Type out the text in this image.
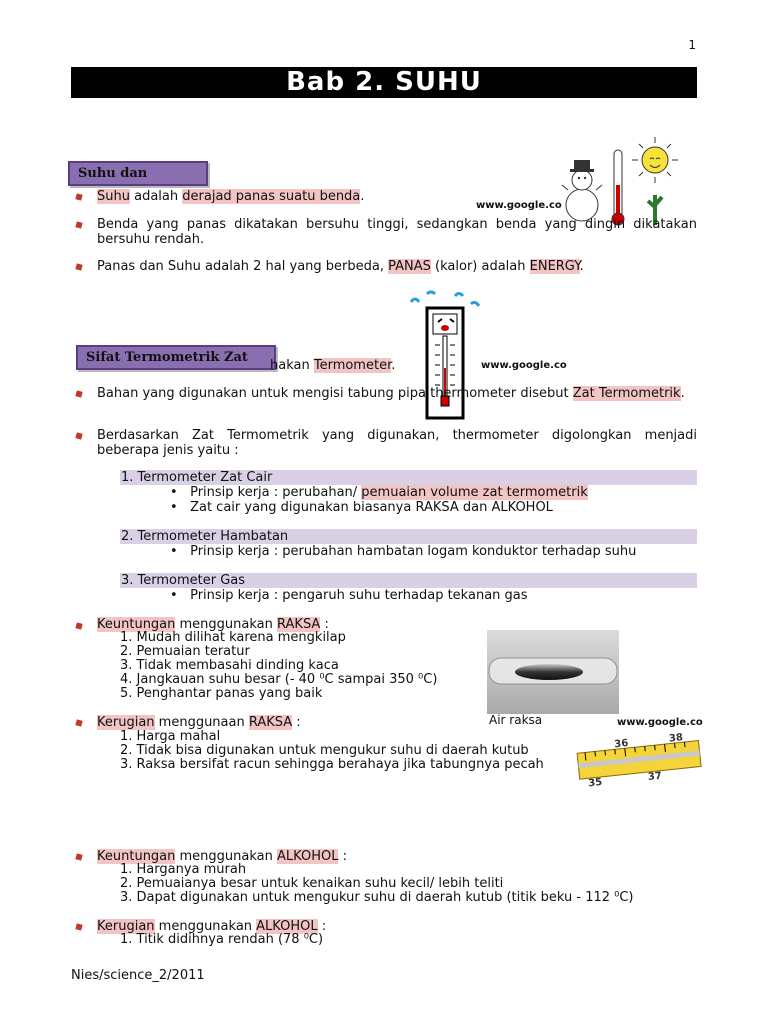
1
Bab 2. SUHU
Suhu dan
www.google.co
Suhu adalah derajad panas suatu benda.
Benda yang panas dikatakan bersuhu tinggi, sedangkan benda yang dingin dikatakan bersuhu rendah.
Panas dan Suhu adalah 2 hal yang berbeda, PANAS (kalor) adalah ENERGY.
www.google.co
Sifat Termometrik Zat
hakan Termometer.
Bahan yang digunakan untuk mengisi tabung pipa thermometer disebut Zat Termometrik.
Berdasarkan Zat Termometrik yang digunakan, thermometer digolongkan menjadi beberapa jenis yaitu :
1. Termometer Zat Cair
•   Prinsip kerja : perubahan/ pemuaian volume zat termometrik
•   Zat cair yang digunakan biasanya RAKSA dan ALKOHOL
2. Termometer Hambatan
•   Prinsip kerja : perubahan hambatan logam konduktor terhadap suhu
3. Termometer Gas
•   Prinsip kerja : pengaruh suhu terhadap tekanan gas
Keuntungan menggunakan RAKSA :
1. Mudah dilihat karena mengkilap
2. Pemuaian teratur
3. Tidak membasahi dinding kaca
4. Jangkauan suhu besar (- 40 ⁰C sampai 350 ⁰C)
5. Penghantar panas yang baik
Air raksa	www.google.co
Kerugian menggunaan RAKSA :
1. Harga mahal
2. Tidak bisa digunakan untuk mengukur suhu di daerah kutub
3. Raksa bersifat racun sehingga berahaya jika tabungnya pecah
36	38
35
37
Keuntungan menggunakan ALKOHOL :
1. Harganya murah
2. Pemuaianya besar untuk kenaikan suhu kecil/ lebih teliti
3. Dapat digunakan untuk mengukur suhu di daerah kutub (titik beku - 112 ⁰C)
Kerugian menggunakan ALKOHOL :
1. Titik didihnya rendah (78 ⁰C)
Nies/science_2/2011
